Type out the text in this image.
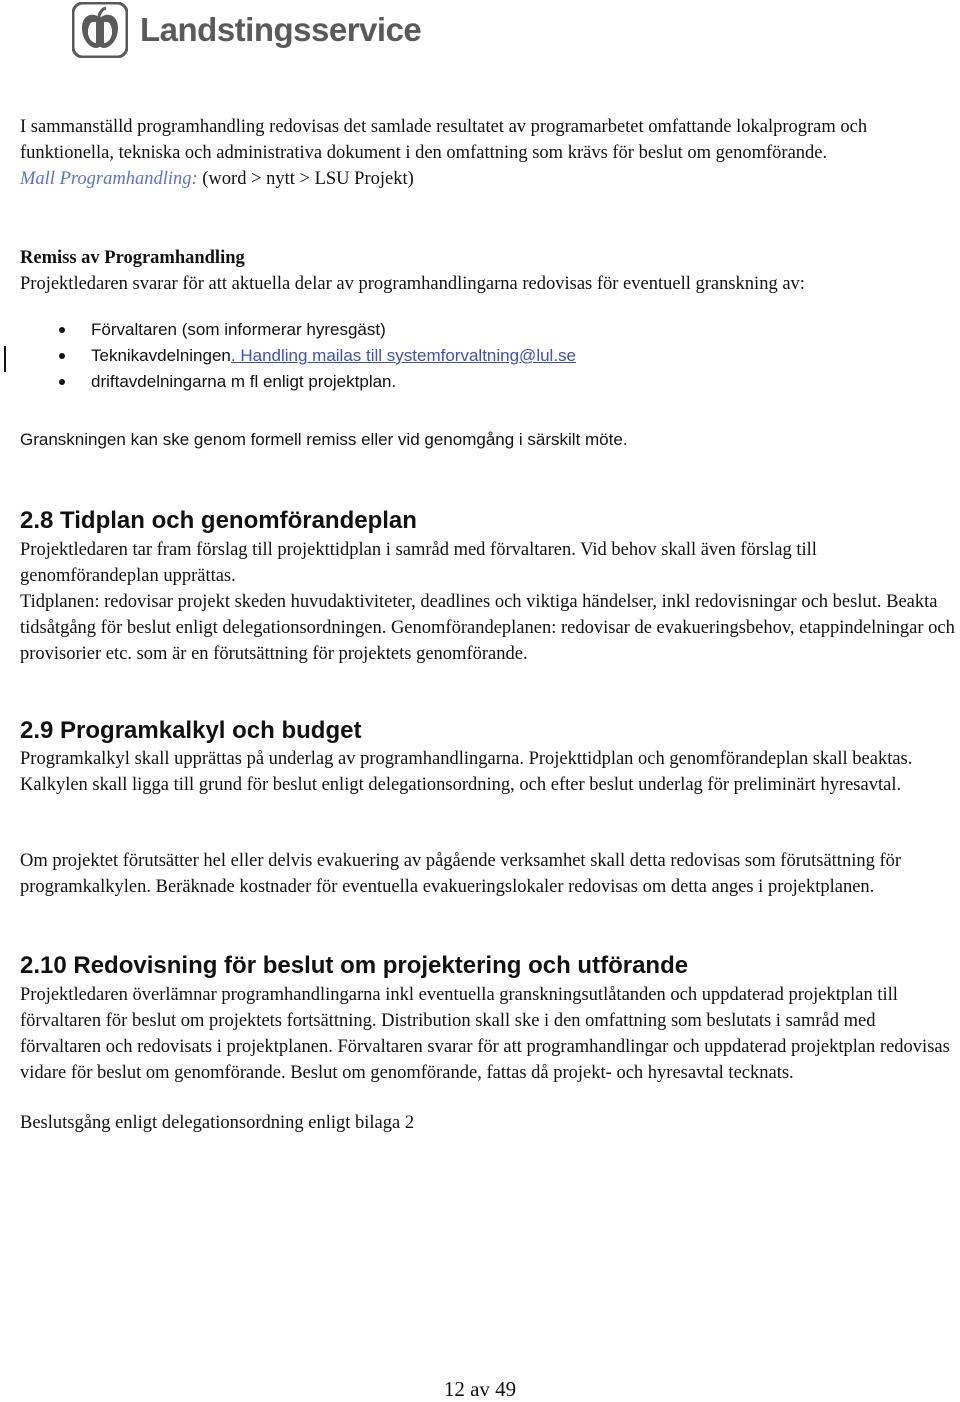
Landstingsservice

I sammanställd programhandling redovisas det samlade resultatet av programarbetet omfattande lokalprogram och funktionella, tekniska och administrativa dokument i den omfattning som krävs för beslut om genomförande.
Mall Programhandling: (word > nytt > LSU Projekt)

Remiss av Programhandling

Projektledaren svarar för att aktuella delar av programhandlingarna redovisas för eventuell granskning av:

Förvaltaren (som informerar hyresgäst)
Teknikavdelningen. Handling mailas till systemforvaltning@lul.se
driftavdelningarna m fl enligt projektplan.

Granskningen kan ske genom formell remiss eller vid genomgång i särskilt möte.

2.8 Tidplan och genomförandeplan

Projektledaren tar fram förslag till projekttidplan i samråd med förvaltaren. Vid behov skall även förslag till genomförandeplan upprättas.

Tidplanen: redovisar projekt skeden huvudaktiviteter, deadlines och viktiga händelser, inkl redovisningar och beslut. Beakta tidsåtgång för beslut enligt delegationsordningen. Genomförandeplanen: redovisar de evakueringsbehov, etappindelningar och provisorier etc. som är en förutsättning för projektets genomförande.

2.9 Programkalkyl och budget

Programkalkyl skall upprättas på underlag av programhandlingarna. Projekttidplan och genomförandeplan skall beaktas. Kalkylen skall ligga till grund för beslut enligt delegationsordning, och efter beslut underlag för preliminärt hyresavtal.

Om projektet förutsätter hel eller delvis evakuering av pågående verksamhet skall detta redovisas som förutsättning för programkalkylen. Beräknade kostnader för eventuella evakueringslokaler redovisas om detta anges i projektplanen.

2.10 Redovisning för beslut om projektering och utförande

Projektledaren överlämnar programhandlingarna inkl eventuella granskningsutlåtanden och uppdaterad projektplan till förvaltaren för beslut om projektets fortsättning. Distribution skall ske i den omfattning som beslutats i samråd med förvaltaren och redovisats i projektplanen. Förvaltaren svarar för att programhandlingar och uppdaterad projektplan redovisas vidare för beslut om genomförande. Beslut om genomförande, fattas då projekt- och hyresavtal tecknats.

Beslutsgång enligt delegationsordning enligt bilaga 2

12 av 49
